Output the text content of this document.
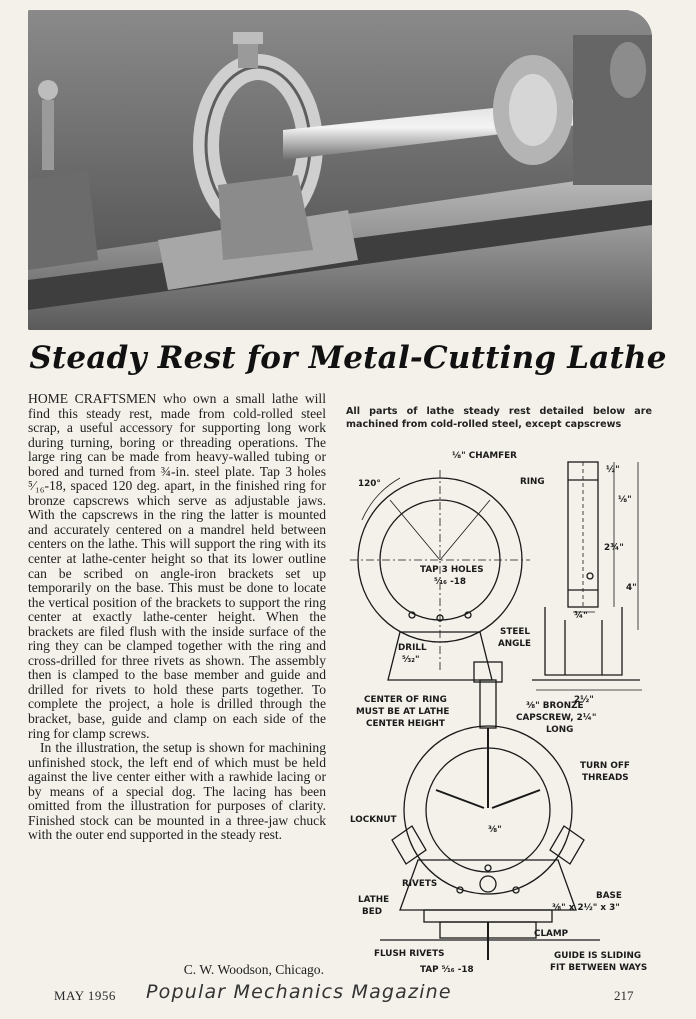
Steady Rest for Metal-Cutting Lathe

HOME CRAFTSMEN who own a small lathe will find this steady rest, made from cold-rolled steel scrap, a useful accessory for supporting long work during turning, boring or threading operations. The large ring can be made from heavy-walled tubing or bored and turned from ¾-in. steel plate. Tap 3 holes ⁵⁄₁₆-18, spaced 120 deg. apart, in the finished ring for bronze capscrews which serve as adjustable jaws. With the capscrews in the ring the latter is mounted and accurately centered on a mandrel held between centers on the lathe. This will support the ring with its center at lathe-center height so that its lower outline can be scribed on angle-iron brackets set up temporarily on the base. This must be done to locate the vertical position of the brackets to support the ring center at exactly lathe-center height. When the brackets are filed flush with the inside surface of the ring they can be clamped together with the ring and cross-drilled for three rivets as shown. The assembly then is clamped to the base member and guide and drilled for rivets to hold these parts together. To complete the project, a hole is drilled through the bracket, base, guide and clamp on each side of the ring for clamp screws.

In the illustration, the setup is shown for machining unfinished stock, the left end of which must be held against the live center either with a rawhide lacing or by means of a special dog. The lacing has been omitted from the illustration for purposes of clarity. Finished stock can be mounted in a three-jaw chuck with the outer end supported in the steady rest.

C. W. Woodson, Chicago.
All parts of lathe steady rest detailed below are machined from cold-rolled steel, except capscrews
⅛" CHAMFER
120°	RING
TAP 3 HOLES
⁵⁄₁₆ -18
DRILL
⁵⁄₃₂"
STEEL
ANGLE
½"
⅛"
2¾"
4"
¾"
2½"
CENTER OF RING
MUST BE AT LATHE
CENTER HEIGHT
⅜" BRONZE
CAPSCREW, 2¼"
LONG
TURN OFF
THREADS
LOCKNUT
⅜"
RIVETS
LATHE
BED
BASE
⅜" x 2½" x 3"
CLAMP
FLUSH RIVETS
TAP ⁵⁄₁₆ -18
GUIDE IS SLIDING
FIT BETWEEN WAYS
MAY 1956 Popular Mechanics Magazine	217
